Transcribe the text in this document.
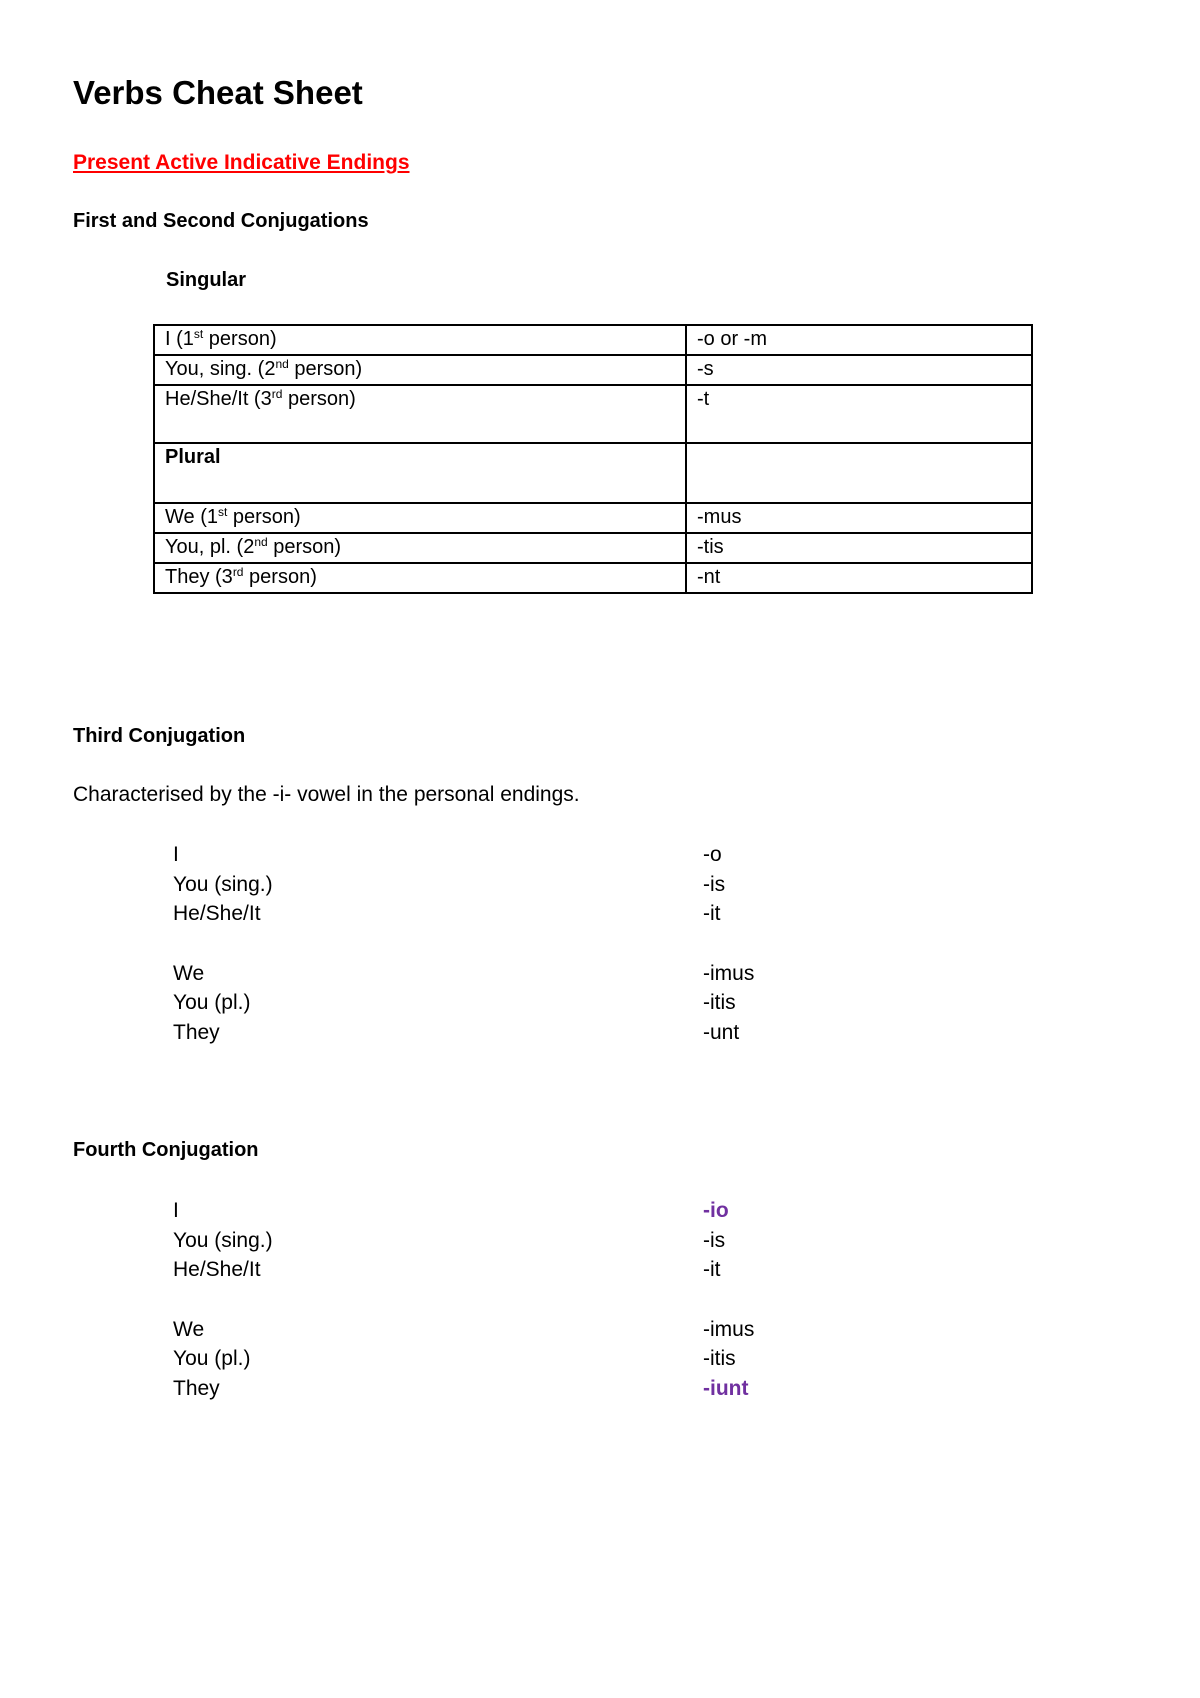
Verbs Cheat Sheet
Present Active Indicative Endings
First and Second Conjugations
Singular
I (1st person)	-o or -m
You, sing. (2nd person)	-s
He/She/It (3rd person)	-t
Plural	
We (1st person)	-mus
You, pl. (2nd person)	-tis
They (3rd person)	-nt
Third Conjugation
Characterised by the -i- vowel in the personal endings.
I	-o
You (sing.)	-is
He/She/It	-it
We	-imus
You (pl.)	-itis
They	-unt
Fourth Conjugation
I	-io
You (sing.)	-is
He/She/It	-it
We	-imus
You (pl.)	-itis
They	-iunt
